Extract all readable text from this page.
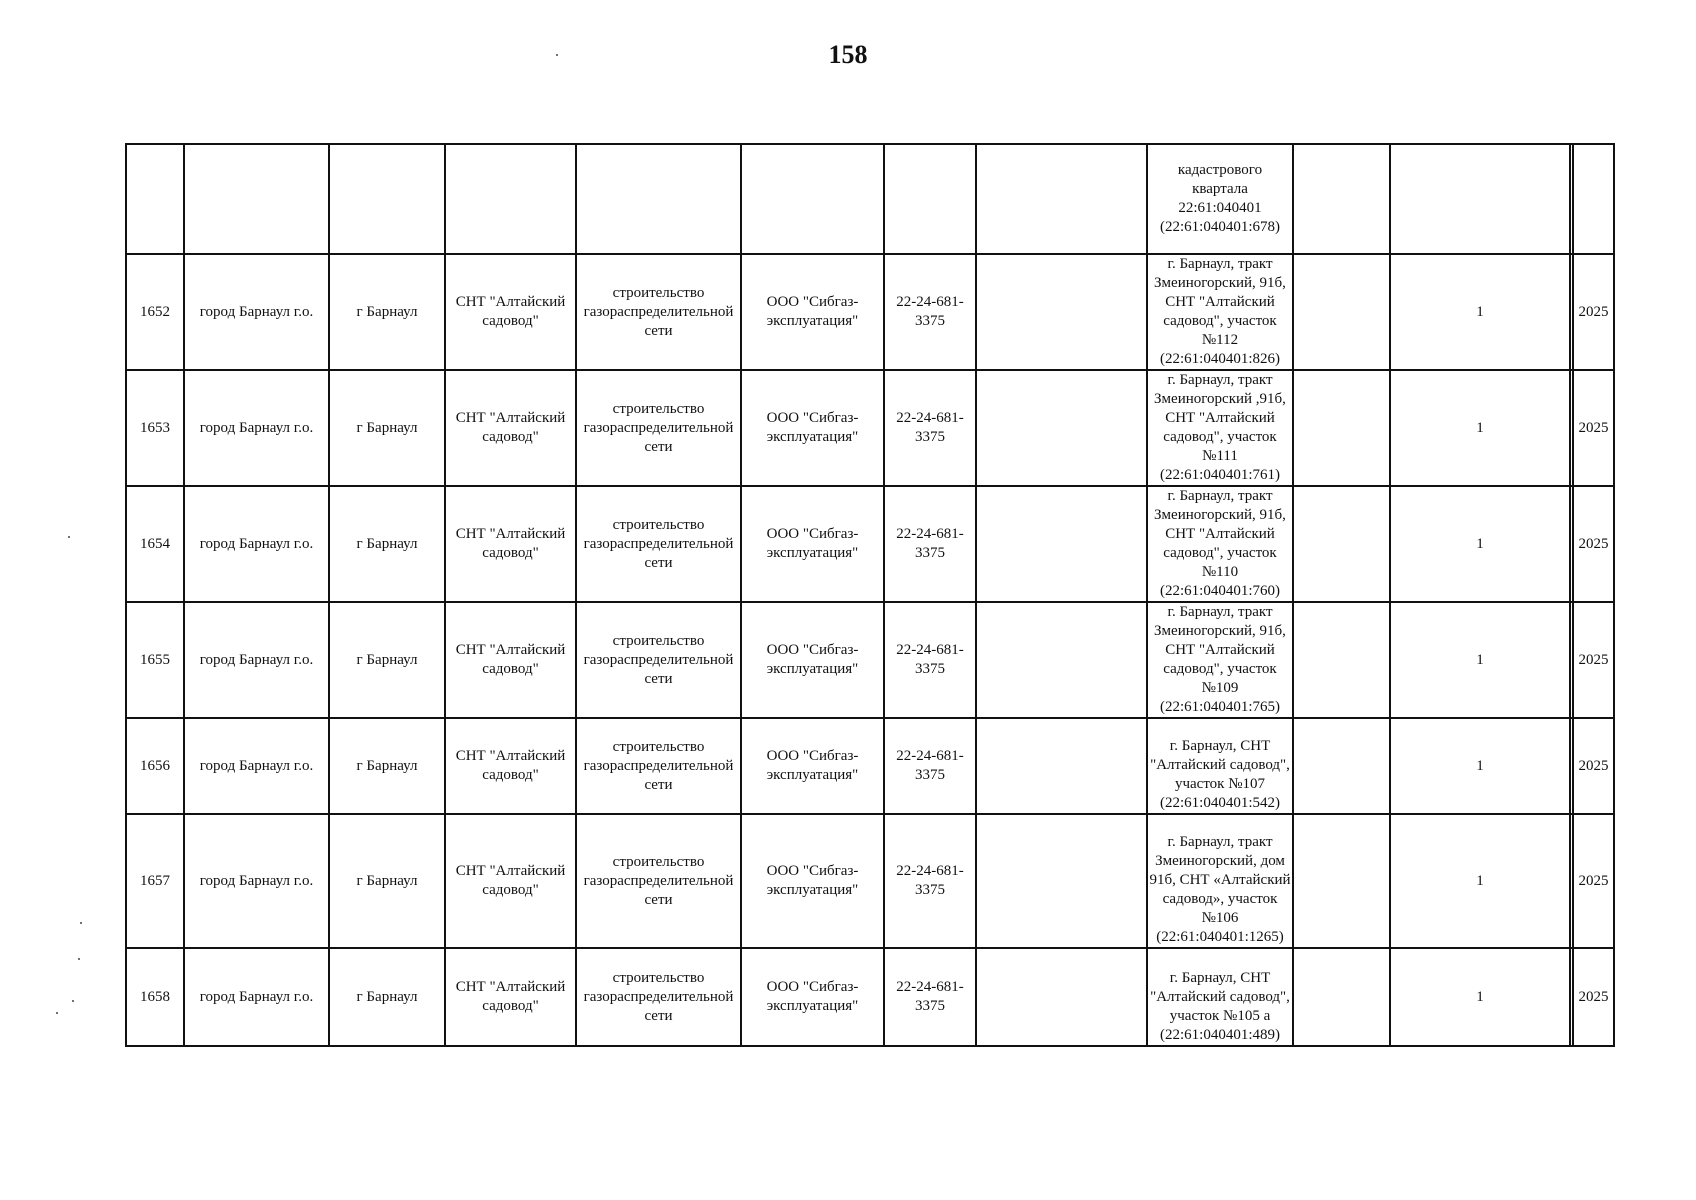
158
								кадастрового квартала 22:61:040401 (22:61:040401:678)				
1652	город Барнаул г.о.	г Барнаул	СНТ "Алтайский садовод"	строительство газораспределительной сети	ООО "Сибгаз-эксплуатация"	22-24-681-3375		г. Барнаул, тракт Змеиногорский, 91б, СНТ "Алтайский садовод", участок №112 (22:61:040401:826)		1		2025
1653	город Барнаул г.о.	г Барнаул	СНТ "Алтайский садовод"	строительство газораспределительной сети	ООО "Сибгаз-эксплуатация"	22-24-681-3375		г. Барнаул, тракт Змеиногорский ,91б, СНТ "Алтайский садовод", участок №111 (22:61:040401:761)		1		2025
1654	город Барнаул г.о.	г Барнаул	СНТ "Алтайский садовод"	строительство газораспределительной сети	ООО "Сибгаз-эксплуатация"	22-24-681-3375		г. Барнаул, тракт Змеиногорский, 91б, СНТ "Алтайский садовод", участок №110 (22:61:040401:760)		1		2025
1655	город Барнаул г.о.	г Барнаул	СНТ "Алтайский садовод"	строительство газораспределительной сети	ООО "Сибгаз-эксплуатация"	22-24-681-3375		г. Барнаул, тракт Змеиногорский, 91б, СНТ "Алтайский садовод", участок №109 (22:61:040401:765)		1		2025
1656	город Барнаул г.о.	г Барнаул	СНТ "Алтайский садовод"	строительство газораспределительной сети	ООО "Сибгаз-эксплуатация"	22-24-681-3375		г. Барнаул, СНТ "Алтайский садовод", участок №107 (22:61:040401:542)		1		2025
1657	город Барнаул г.о.	г Барнаул	СНТ "Алтайский садовод"	строительство газораспределительной сети	ООО "Сибгаз-эксплуатация"	22-24-681-3375		г. Барнаул, тракт Змеиногорский, дом 91б, СНТ «Алтайский садовод», участок №106 (22:61:040401:1265)		1		2025
1658	город Барнаул г.о.	г Барнаул	СНТ "Алтайский садовод"	строительство газораспределительной сети	ООО "Сибгаз-эксплуатация"	22-24-681-3375		г. Барнаул, СНТ "Алтайский садовод", участок №105 а (22:61:040401:489)		1		2025
